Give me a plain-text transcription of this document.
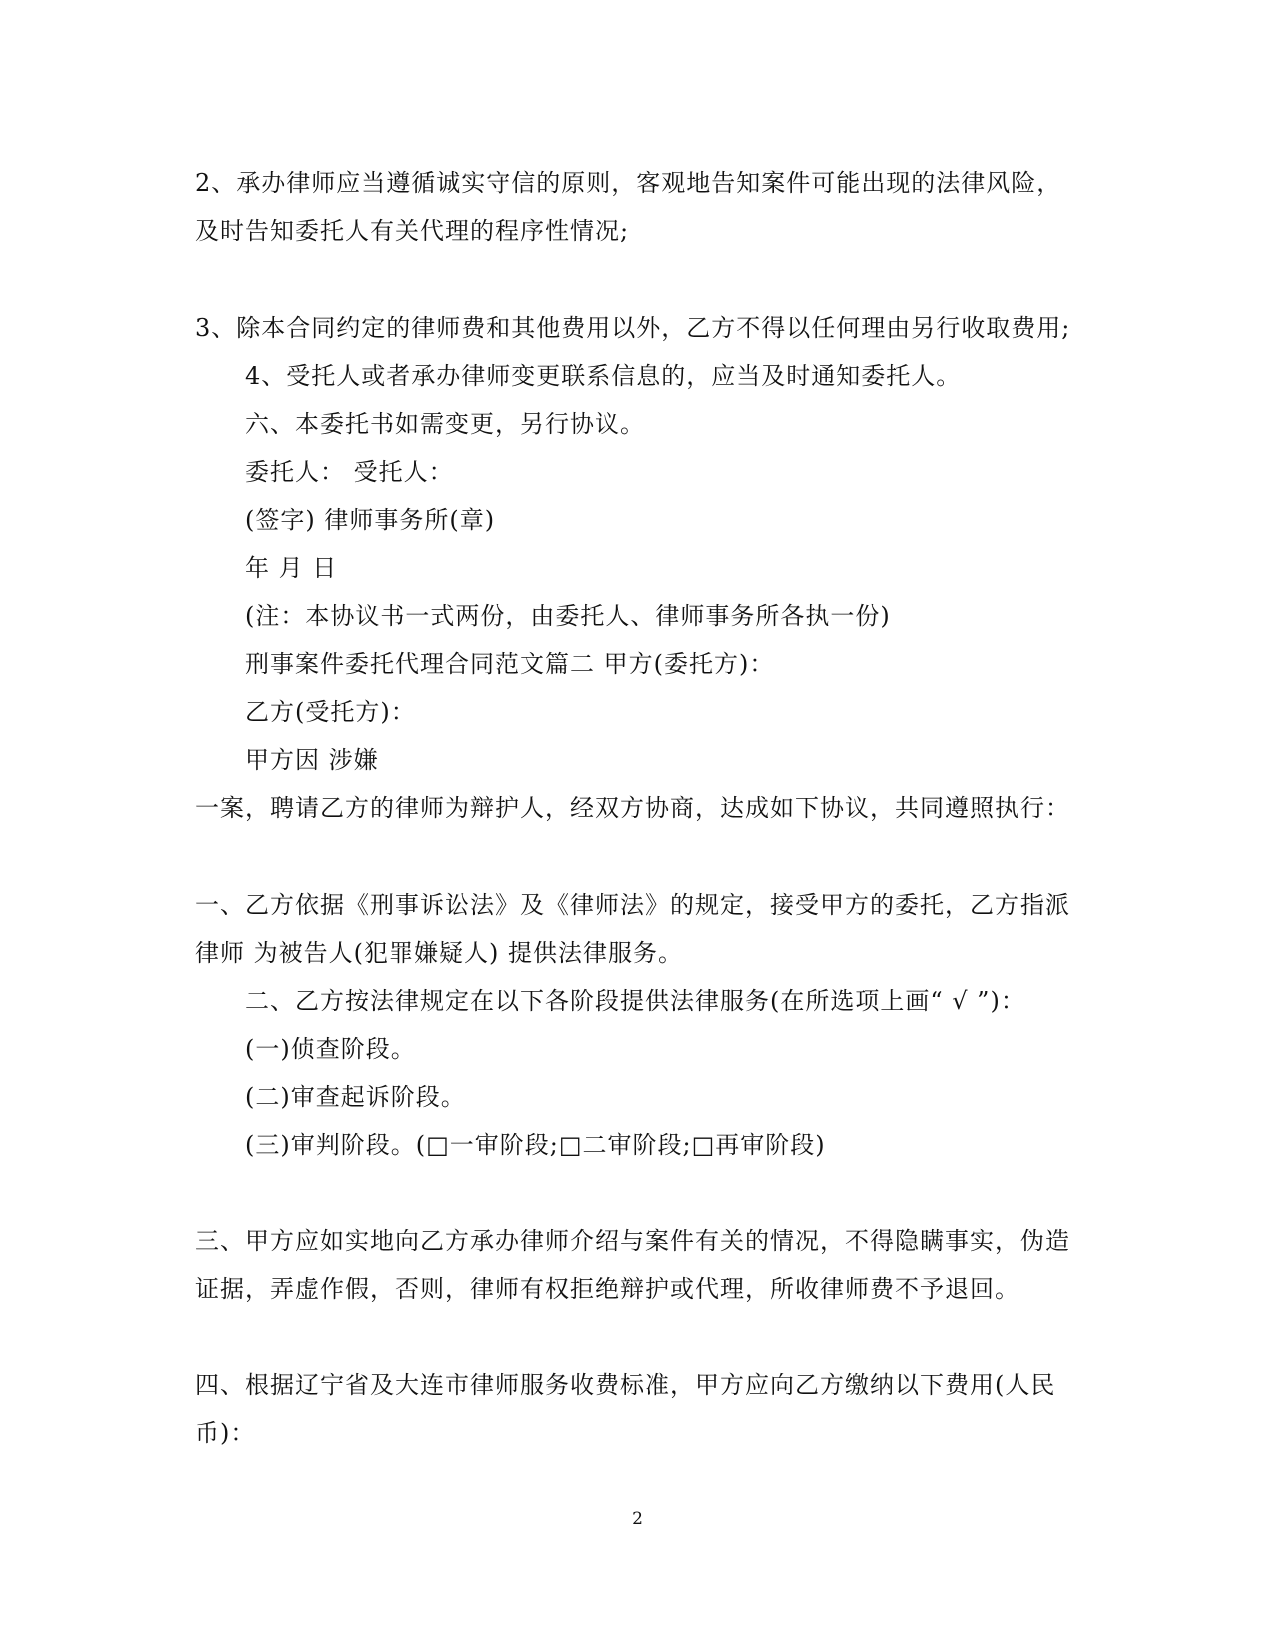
2、承办律师应当遵循诚实守信的原则，客观地告知案件可能出现的法律风险，
及时告知委托人有关代理的程序性情况;
3、除本合同约定的律师费和其他费用以外，乙方不得以任何理由另行收取费用;
4、受托人或者承办律师变更联系信息的，应当及时通知委托人。
六、本委托书如需变更，另行协议。
委托人： 受托人：
(签字) 律师事务所(章)
年 月 日
(注：本协议书一式两份，由委托人、律师事务所各执一份)
刑事案件委托代理合同范文篇二 甲方(委托方)：
乙方(受托方)：
甲方因 涉嫌
一案，聘请乙方的律师为辩护人，经双方协商，达成如下协议，共同遵照执行：
一、乙方依据《刑事诉讼法》及《律师法》的规定，接受甲方的委托，乙方指派
律师 为被告人(犯罪嫌疑人) 提供法律服务。
二、乙方按法律规定在以下各阶段提供法律服务(在所选项上画“ √ ”)：
(一)侦查阶段。
(二)审查起诉阶段。
(三)审判阶段。(□一审阶段;□二审阶段;□再审阶段)
三、甲方应如实地向乙方承办律师介绍与案件有关的情况，不得隐瞒事实，伪造
证据，弄虚作假，否则，律师有权拒绝辩护或代理，所收律师费不予退回。
四、根据辽宁省及大连市律师服务收费标准，甲方应向乙方缴纳以下费用(人民
币)：
2
